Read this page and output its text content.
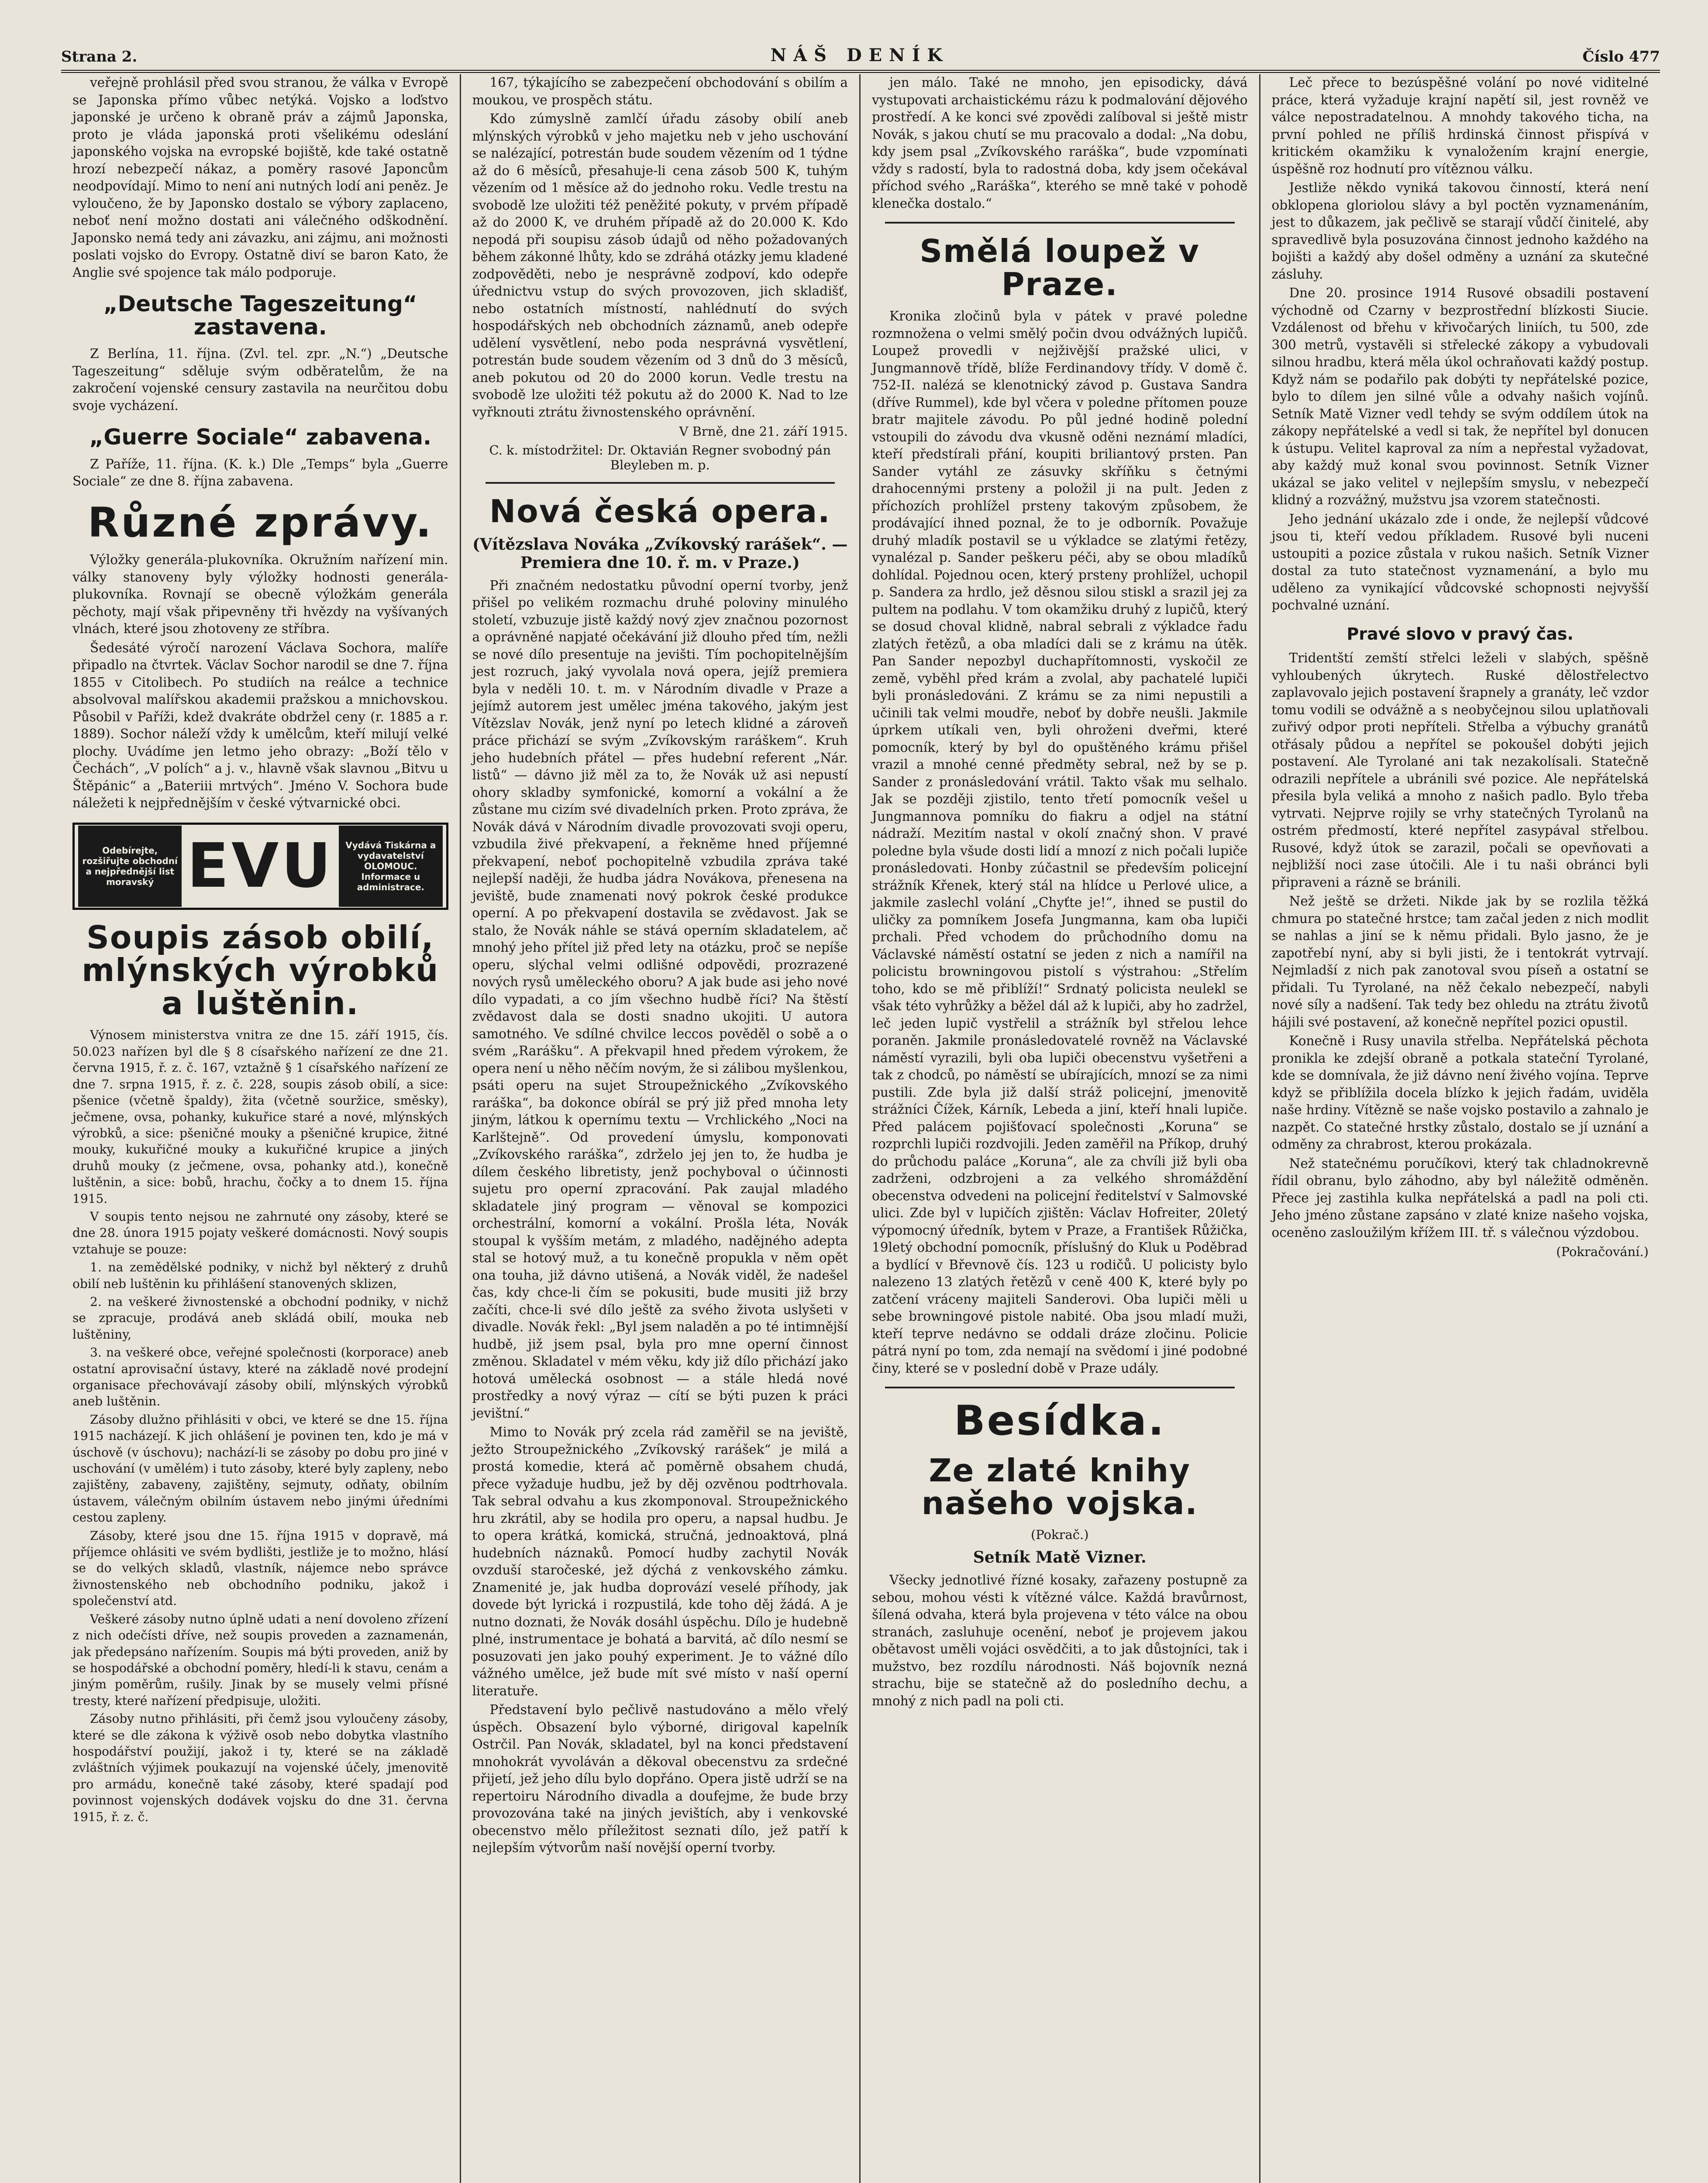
Strana 2.	NÁŠ DENÍK	Číslo 477

veřejně prohlásil před svou stranou, že válka v Evropě se Japonska přímo vůbec netýká. Vojsko a loďstvo japonské je určeno k obraně práv a zájmů Japonska, proto je vláda japonská proti všelikému odeslání japonského vojska na evropské bojiště, kde také ostatně hrozí nebezpečí nákaz, a poměry rasové Japoncům neodpovídají. Mimo to není ani nutných lodí ani peněz. Je vyloučeno, že by Japonsko dostalo se výbory zaplaceno, neboť není možno dostati ani válečného odškodnění. Japonsko nemá tedy ani závazku, ani zájmu, ani možnosti poslati vojsko do Evropy. Ostatně diví se baron Kato, že Anglie své spojence tak málo podporuje.

„Deutsche Tageszeitung“ zastavena.

Z Berlína, 11. října. (Zvl. tel. zpr. „N.“) „Deutsche Tageszeitung“ sděluje svým odběratelům, že na zakročení vojenské censury zastavila na neurčitou dobu svoje vycházení.

„Guerre Sociale“ zabavena.

Z Paříže, 11. října. (K. k.) Dle „Temps“ byla „Guerre Sociale“ ze dne 8. října zabavena.

Různé zprávy.

Výložky generála-plukovníka. Okružním nařízení min. války stanoveny byly výložky hodnosti generála-plukovníka. Rovnají se obecně výložkám generála pěchoty, mají však připevněny tři hvězdy na vyšívaných vlnách, které jsou zhotoveny ze stříbra.

Šedesáté výročí narození Václava Sochora, malíře připadlo na čtvrtek. Václav Sochor narodil se dne 7. října 1855 v Citolibech. Po studiích na reálce a technice absolvoval malířskou akademii pražskou a mnichovskou. Působil v Paříži, kdež dvakráte obdržel ceny (r. 1885 a r. 1889). Sochor náleží vždy k umělcům, kteří milují velké plochy. Uvádíme jen letmo jeho obrazy: „Boží tělo v Čechách“, „V polích“ a j. v., hlavně však slavnou „Bitvu u Štěpánic“ a „Bateriii mrtvých“. Jméno V. Sochora bude náležeti k nejpřednějším v české výtvarnické obci.

Odebírejte, rozšiřujte obchodní a nejpřednější list moravský EVU	Vydává Tiskárna a vydavatelství OLOMOUC. Informace u administrace.
Soupis zásob obilí, mlýnských výrobků a luštěnin.

Výnosem ministerstva vnitra ze dne 15. září 1915, čís. 50.023 nařízen byl dle § 8 císařského nařízení ze dne 21. června 1915, ř. z. č. 167, vztažně § 1 císařského nařízení ze dne 7. srpna 1915, ř. z. č. 228, soupis zásob obilí, a sice: pšenice (včetně špaldy), žita (včetně souržice, směsky), ječmene, ovsa, pohanky, kukuřice staré a nové, mlýnských výrobků, a sice: pšeničné mouky a pšeničné krupice, žitné mouky, kukuřičné mouky a kukuřičné krupice a jiných druhů mouky (z ječmene, ovsa, pohanky atd.), konečně luštěnin, a sice: bobů, hrachu, čočky a to dnem 15. října 1915.

V soupis tento nejsou ne zahrnuté ony zásoby, které se dne 28. února 1915 pojaty veškeré domácnosti. Nový soupis vztahuje se pouze:

1. na zemědělské podniky, v nichž byl některý z druhů obilí neb luštěnin ku přihlášení stanovených sklizen,

2. na veškeré živnostenské a obchodní podniky, v nichž se zpracuje, prodává aneb skládá obilí, mouka neb luštěniny,

3. na veškeré obce, veřejné společnosti (korporace) aneb ostatní aprovisační ústavy, které na základě nové prodejní organisace přechovávají zásoby obilí, mlýnských výrobků aneb luštěnin.

Zásoby dlužno přihlásiti v obci, ve které se dne 15. října 1915 nacházejí. K jich ohlášení je povinen ten, kdo je má v úschově (v úschovu); nachází-li se zásoby po dobu pro jiné v uschování (v umělém) i tuto zásoby, které byly zapleny, nebo zajištěny, zabaveny, zajištěny, sejmuty, odňaty, obilním ústavem, válečným obilním ústavem nebo jinými úředními cestou zapleny.

Zásoby, které jsou dne 15. října 1915 v dopravě, má příjemce ohlásiti ve svém bydlišti, jestliže je to možno, hlásí se do velkých skladů, vlastník, nájemce nebo správce živnostenského neb obchodního podniku, jakož i společenství atd.

Veškeré zásoby nutno úplně udati a není dovoleno zřízení z nich odečísti dříve, než soupis proveden a zaznamenán, jak předepsáno nařízením. Soupis má býti proveden, aniž by se hospodářské a obchodní poměry, hledí-li k stavu, cenám a jiným poměrům, rušily. Jinak by se musely velmi přísné tresty, které nařízení předpisuje, uložiti.

Zásoby nutno přihlásiti, při čemž jsou vyloučeny zásoby, které se dle zákona k výživě osob nebo dobytka vlastního hospodářství použijí, jakož i ty, které se na základě zvláštních výjimek poukazují na vojenské účely, jmenovitě pro armádu, konečně také zásoby, které spadají pod povinnost vojenských dodávek vojsku do dne 31. června 1915, ř. z. č.

167, týkajícího se zabezpečení obchodování s obilím a moukou, ve prospěch státu.

Kdo zúmyslně zamlčí úřadu zásoby obilí aneb mlýnských výrobků v jeho majetku neb v jeho uschování se nalézající, potrestán bude soudem vězením od 1 týdne až do 6 měsíců, přesahuje-li cena zásob 500 K, tuhým vězením od 1 měsíce až do jednoho roku. Vedle trestu na svobodě lze uložiti též peněžité pokuty, v prvém případě až do 2000 K, ve druhém případě až do 20.000 K. Kdo nepodá při soupisu zásob údajů od něho požadovaných během zákonné lhůty, kdo se zdráhá otázky jemu kladené zodpověděti, nebo je nesprávně zodpoví, kdo odepře úřednictvu vstup do svých provozoven, jich skladišť, nebo ostatních místností, nahlédnutí do svých hospodářských neb obchodních záznamů, aneb odepře udělení vysvětlení, nebo poda nesprávná vysvětlení, potrestán bude soudem vězením od 3 dnů do 3 měsíců, aneb pokutou od 20 do 2000 korun. Vedle trestu na svobodě lze uložiti též pokutu až do 2000 K. Nad to lze vyřknouti ztrátu živnostenského oprávnění.

V Brně, dne 21. září 1915.
C. k. místodržitel: Dr. Oktavián Regner svobodný pán Bleyleben m. p.
Nová česká opera.
(Vítězslava Nováka „Zvíkovský rarášek“. — Premiera dne 10. ř. m. v Praze.)

Při značném nedostatku původní operní tvorby, jenž přišel po velikém rozmachu druhé poloviny minulého století, vzbuzuje jistě každý nový zjev značnou pozornost a oprávněné napjaté očekávání již dlouho před tím, nežli se nové dílo presentuje na jevišti. Tím pochopitelnějším jest rozruch, jaký vyvolala nová opera, jejíž premiera byla v neděli 10. t. m. v Národním divadle v Praze a jejímž autorem jest umělec jména takového, jakým jest Vítězslav Novák, jenž nyní po letech klidné a zároveň práce přichází se svým „Zvíkovským raráškem“. Kruh jeho hudebních přátel — přes hudební referent „Nár. listů“ — dávno již měl za to, že Novák už asi nepustí ohory skladby symfonické, komorní a vokální a že zůstane mu cizím své divadelních prken. Proto zpráva, že Novák dává v Národním divadle provozovati svoji operu, vzbudila živé překvapení, a řekněme hned příjemné překvapení, neboť pochopitelně vzbudila zpráva také nejlepší naději, že hudba jádra Novákova, přenesena na jeviště, bude znamenati nový pokrok české produkce operní. A po překvapení dostavila se zvědavost. Jak se stalo, že Novák náhle se stává operním skladatelem, ač mnohý jeho přítel již před lety na otázku, proč se nepíše operu, slýchal velmi odlišné odpovědi, prozrazené nových rysů uměleckého oboru? A jak bude asi jeho nové dílo vypadati, a co jím všechno hudbě říci? Na štěstí zvědavost dala se dosti snadno ukojiti. U autora samotného. Ve sdílné chvilce leccos pověděl o sobě a o svém „Rarášku“. A překvapil hned předem výrokem, že opera není u něho něčím novým, že si zálibou myšlenkou, psáti operu na sujet Stroupežnického „Zvíkovského raráška“, ba dokonce obírál se prý již před mnoha lety jiným, látkou k opernímu textu — Vrchlického „Noci na Karlštejně“. Od provedení úmyslu, komponovati „Zvíkovského raráška“, zdrželo jej jen to, že hudba je dílem českého libretisty, jenž pochyboval o účinnosti sujetu pro operní zpracování. Pak zaujal mladého skladatele jiný program — věnoval se kompozici orchestrální, komorní a vokální. Prošla léta, Novák stoupal k vyšším metám, z mladého, nadějného adepta stal se hotový muž, a tu konečně propukla v něm opět ona touha, již dávno utišená, a Novák viděl, že nadešel čas, kdy chce-li čím se pokusiti, bude musiti již brzy začíti, chce-li své dílo ještě za svého života uslyšeti v divadle. Novák řekl: „Byl jsem naladěn a po té intimnější hudbě, již jsem psal, byla pro mne operní činnost změnou. Skladatel v mém věku, kdy již dílo přichází jako hotová umělecká osobnost — a stále hledá nové prostředky a nový výraz — cítí se býti puzen k práci jevištní.“

Mimo to Novák prý zcela rád zaměřil se na jeviště, ježto Stroupežnického „Zvíkovský rarášek“ je milá a prostá komedie, která ač poměrně obsahem chudá, přece vyžaduje hudbu, jež by děj ozvěnou podtrhovala. Tak sebral odvahu a kus zkomponoval. Stroupežnického hru zkrátil, aby se hodila pro operu, a napsal hudbu. Je to opera krátká, komická, stručná, jednoaktová, plná hudebních náznaků. Pomocí hudby zachytil Novák ovzduší staročeské, jež dýchá z venkovského zámku. Znamenité je, jak hudba doprovází veselé příhody, jak dovede být lyrická i rozpustilá, kde toho děj žádá. A je nutno doznati, že Novák dosáhl úspěchu. Dílo je hudebně plné, instrumentace je bohatá a barvitá, ač dílo nesmí se posuzovati jen jako pouhý experiment. Je to vážné dílo vážného umělce, jež bude mít své místo v naší operní literatuře.

Představení bylo pečlivě nastudováno a mělo vřelý úspěch. Obsazení bylo výborné, dirigoval kapelník Ostrčil. Pan Novák, skladatel, byl na konci představení mnohokrát vyvoláván a děkoval obecenstvu za srdečné přijetí, jež jeho dílu bylo dopřáno. Opera jistě udrží se na repertoiru Národního divadla a doufejme, že bude brzy provozována také na jiných jevištích, aby i venkovské obecenstvo mělo příležitost seznati dílo, jež patří k nejlepším výtvorům naší novější operní tvorby.

jen málo. Také ne mnoho, jen episodicky, dává vystupovati archaistickému rázu k podmalování dějového prostředí. A ke konci své zpovědi zalíboval si ještě mistr Novák, s jakou chutí se mu pracovalo a dodal: „Na dobu, kdy jsem psal „Zvíkovského raráška“, bude vzpomínati vždy s radostí, byla to radostná doba, kdy jsem očekával příchod svého „Raráška“, kterého se mně také v pohodě klenečka dostalo.“

Smělá loupež v Praze.

Kronika zločinů byla v pátek v pravé poledne rozmnožena o velmi smělý počin dvou odvážných lupičů. Loupež provedli v nejživější pražské ulici, v Jungmannově třídě, blíže Ferdinandovy třídy. V domě č. 752-II. nalézá se klenotnický závod p. Gustava Sandra (dříve Rummel), kde byl včera v poledne přítomen pouze bratr majitele závodu. Po půl jedné hodině polední vstoupili do závodu dva vkusně oděni neznámí mladíci, kteří předstírali přání, koupiti briliantový prsten. Pan Sander vytáhl ze zásuvky skříňku s četnými drahocennými prsteny a položil ji na pult. Jeden z příchozích prohlížel prsteny takovým způsobem, že prodávající ihned poznal, že to je odborník. Považuje druhý mladík postavil se u výkladce se zlatými řetězy, vynalézal p. Sander peškeru péči, aby se obou mladíků dohlídal. Pojednou ocen, který prsteny prohlížel, uchopil p. Sandera za hrdlo, jež děsnou silou stiskl a srazil jej za pultem na podlahu. V tom okamžiku druhý z lupičů, který se dosud choval klidně, nabral sebrali z výkladce řadu zlatých řetězů, a oba mladíci dali se z krámu na útěk. Pan Sander nepozbyl duchapřítomnosti, vyskočil ze země, vyběhl před krám a zvolal, aby pachatelé lupiči byli pronásledováni. Z krámu se za nimi nepustili a učinili tak velmi moudře, neboť by dobře neušli. Jakmile úprkem utíkali ven, byli ohroženi dveřmi, které pomocník, který by byl do opuštěného krámu přišel vrazil a mnohé cenné předměty sebral, než by se p. Sander z pronásledování vrátil. Takto však mu selhalo. Jak se později zjistilo, tento třetí pomocník vešel u Jungmannova pomníku do fiakru a odjel na státní nádraží. Mezitím nastal v okolí značný shon. V pravé poledne byla všude dosti lidí a mnozí z nich počali lupiče pronásledovati. Honby zúčastnil se především policejní strážník Křenek, který stál na hlídce u Perlové ulice, a jakmile zaslechl volání „Chyťte je!“, ihned se pustil do uličky za pomníkem Josefa Jungmanna, kam oba lupiči prchali. Před vchodem do průchodního domu na Václavské náměstí ostatní se jeden z nich a namířil na policistu browningovou pistolí s výstrahou: „Střelím toho, kdo se mě přiblíží!“ Srdnatý policista neulekl se však této vyhrůžky a běžel dál až k lupiči, aby ho zadržel, leč jeden lupič vystřelil a strážník byl střelou lehce poraněn. Jakmile pronásledovatelé rovněž na Václavské náměstí vyrazili, byli oba lupiči obecenstvu vyšetřeni a tak z chodců, po náměstí se ubírajících, mnozí se za nimi pustili. Zde byla již další stráž policejní, jmenovitě strážníci Čížek, Kárník, Lebeda a jiní, kteří hnali lupiče. Před palácem pojišťovací společnosti „Koruna“ se rozprchli lupiči rozdvojili. Jeden zaměřil na Příkop, druhý do průchodu paláce „Koruna“, ale za chvíli již byli oba zadrženi, odzbrojeni a za velkého shromáždění obecenstva odvedeni na policejní ředitelství v Salmovské ulici. Zde byl v lupičích zjištěn: Václav Hofreiter, 20letý výpomocný úředník, bytem v Praze, a František Růžička, 19letý obchodní pomocník, příslušný do Kluk u Poděbrad a bydlící v Břevnově čís. 123 u rodičů. U policisty bylo nalezeno 13 zlatých řetězů v ceně 400 K, které byly po zatčení vráceny majiteli Sanderovi. Oba lupiči měli u sebe browningové pistole nabité. Oba jsou mladí muži, kteří teprve nedávno se oddali dráze zločinu. Policie pátrá nyní po tom, zda nemají na svědomí i jiné podobné činy, které se v poslední době v Praze udály.

Besídka.
Ze zlaté knihy našeho vojska.
(Pokrač.)
Setník Matě Vizner.

Všecky jednotlivé řízné kosaky, zařazeny postupně za sebou, mohou vésti k vítězné válce. Každá bravůrnost, šílená odvaha, která byla projevena v této válce na obou stranách, zasluhuje ocenění, neboť je projevem jakou obětavost uměli vojáci osvědčiti, a to jak důstojníci, tak i mužstvo, bez rozdílu národnosti. Náš bojovník nezná strachu, bije se statečně až do posledního dechu, a mnohý z nich padl na poli cti.

Leč přece to bezúspěšné volání po nové viditelné práce, která vyžaduje krajní napětí sil, jest rovněž ve válce nepostradatelnou. A mnohdy takového ticha, na první pohled ne příliš hrdinská činnost přispívá v kritickém okamžiku k vynaložením krajní energie, úspěšně roz hodnutí pro vítěznou válku.

Jestliže někdo vyniká takovou činností, která není obklopena gloriolou slávy a byl poctěn vyznamenáním, jest to důkazem, jak pečlivě se starají vůdčí činitelé, aby spravedlivě byla posuzována činnost jednoho každého na bojišti a každý aby došel odměny a uznání za skutečné zásluhy.

Dne 20. prosince 1914 Rusové obsadili postavení východně od Czarny v bezprostřední blízkosti Siucie. Vzdálenost od břehu v křivočarých liniích, tu 500, zde 300 metrů, vystavěli si střelecké zákopy a vybudovali silnou hradbu, která měla úkol ochraňovati každý postup. Když nám se podařilo pak dobýti ty nepřátelské pozice, bylo to dílem jen silné vůle a odvahy našich vojínů. Setník Matě Vizner vedl tehdy se svým oddílem útok na zákopy nepřátelské a vedl si tak, že nepřítel byl donucen k ústupu. Velitel kaproval za ním a nepřestal vyžadovat, aby každý muž konal svou povinnost. Setník Vizner ukázal se jako velitel v nejlepším smyslu, v nebezpečí klidný a rozvážný, mužstvu jsa vzorem statečnosti.

Jeho jednání ukázalo zde i onde, že nejlepší vůdcové jsou ti, kteří vedou příkladem. Rusové byli nuceni ustoupiti a pozice zůstala v rukou našich. Setník Vizner dostal za tuto statečnost vyznamenání, a bylo mu uděleno za vynikající vůdcovské schopnosti nejvyšší pochvalné uznání.

Pravé slovo v pravý čas.

Tridentští zemští střelci leželi v slabých, spěšně vyhloubených úkrytech. Ruské dělostřelectvo zaplavovalo jejich postavení šrapnely a granáty, leč vzdor tomu vodili se odvážně a s neobyčejnou silou uplatňovali zuřivý odpor proti nepříteli. Střelba a výbuchy granátů otřásaly půdou a nepřítel se pokoušel dobýti jejich postavení. Ale Tyrolané ani tak nezakolísali. Statečně odrazili nepřítele a ubránili své pozice. Ale nepřátelská přesila byla veliká a mnoho z našich padlo. Bylo třeba vytrvati. Nejprve rojily se vrhy statečných Tyrolanů na ostrém předmostí, které nepřítel zasypával střelbou. Rusové, když útok se zarazil, počali se opevňovati a nejbližší noci zase útočili. Ale i tu naši obránci byli připraveni a rázně se bránili.

Než ještě se držeti. Nikde jak by se rozlila těžká chmura po statečné hrstce; tam začal jeden z nich modlit se nahlas a jiní se k němu přidali. Bylo jasno, že je zapotřebí nyní, aby si byli jisti, že i tentokrát vytrvají. Nejmladší z nich pak zanotoval svou píseň a ostatní se přidali. Tu Tyrolané, na něž čekalo nebezpečí, nabyli nové síly a nadšení. Tak tedy bez ohledu na ztrátu životů hájili své postavení, až konečně nepřítel pozici opustil.

Konečně i Rusy unavila střelba. Nepřátelská pěchota pronikla ke zdejší obraně a potkala stateční Tyrolané, kde se domnívala, že již dávno není živého vojína. Teprve když se přiblížila docela blízko k jejich řadám, uviděla naše hrdiny. Vítězně se naše vojsko postavilo a zahnalo je nazpět. Co statečné hrstky zůstalo, dostalo se jí uznání a odměny za chrabrost, kterou prokázala.

Než statečnému poručíkovi, který tak chladnokrevně řídil obranu, bylo záhodno, aby byl náležitě odměněn. Přece jej zastihla kulka nepřátelská a padl na poli cti. Jeho jméno zůstane zapsáno v zlaté knize našeho vojska, oceněno zasloužilým křížem III. tř. s válečnou výzdobou.

(Pokračování.)
